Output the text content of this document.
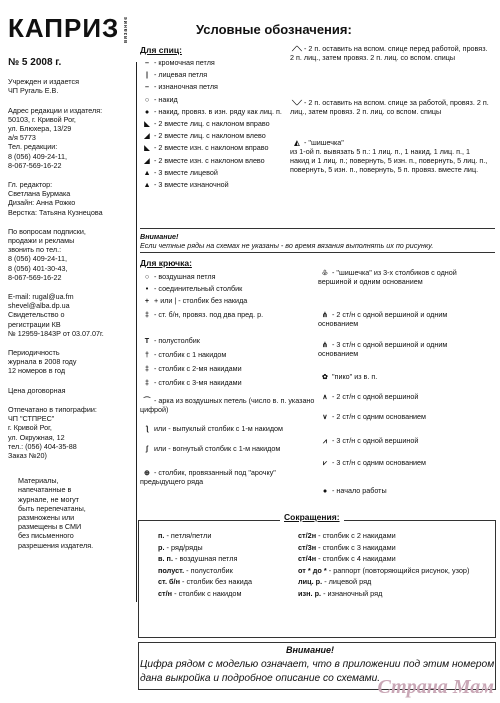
КАПРИЗ вязание
№ 5 2008 г.
Учрежден и издается
ЧП Ругаль Е.В.
Адрес редакции и издателя:
50103, г. Кривой Рог,
ул. Блюхера, 13/29
а/я 5773
Тел. редакции:
8 (056) 409-24-11,
8-067-569-16-22
Гл. редактор:
Светлана Бурмака
Дизайн: Анна Рожко
Верстка: Татьяна Кузнецова
По вопросам подписки,
продажи и рекламы
звонить по тел.:
8 (056) 409-24-11,
8 (056) 401-30-43,
8-067-569-16-22
E-mail: rugal@ua.fm
shevel@alba.dp.ua
Свидетельство о
регистрации КВ
№ 12959-1843Р от 03.07.07г.
Периодичность
журнала в 2008 году
12 номеров в год
Цена договорная
Отпечатано в типографии:
ЧП "СТПРЕС"
г. Кривой Рог,
ул. Окружная, 12
тел.: (056) 404-35-88
Заказ №20)
Материалы,
напечатанные в
журнале, не могут
быть перепечатаны,
размножены или
размещены в СМИ
без письменного
разрешения издателя.
Условные обозначения:
Для спиц:
– - кромочная петля
| - лицевая петля
– - изнаночная петля
○ - накид
● - накид, провяз. в изн. ряду как лиц. п.
◣ - 2 вместе лиц. с наклоном вправо
◢ - 2 вместе лиц. с наклоном влево
◣ - 2 вместе изн. с наклоном вправо
◢ - 2 вместе изн. с наклоном влево
▲ - 3 вместе лицевой
▲ - 3 вместе изнаночной
⟋⟍ - 2 п. оставить на вспом. спице перед работой, провяз. 2 п. лиц., затем провяз. 2 п. лиц. со вспом. спицы
⟍⟋ - 2 п. оставить на вспом. спице за работой, провяз. 2 п. лиц., затем провяз. 2 п. лиц. со вспом. спицы
◭ - "шишечка"
из 1-ой п. вывязать 5 п.: 1 лиц. п., 1 накид, 1 лиц. п., 1 накид и 1 лиц. п.; повернуть, 5 изн. п., повернуть, 5 лиц. п., повернуть, 5 изн. п., повернуть, 5 п. провяз. вместе лиц.
Внимание!
Если четные ряды на схемах не указаны - во время вязания выполнять их по рисунку.
Для крючка:
○ - воздушная петля
• - соединительный столбик
+ + или | - столбик без накида
‡ - ст. б/н, провяз. под два пред. р.
T - полустолбик
† - столбик с 1 накидом
‡ - столбик с 2-мя накидами
‡ - столбик с 3-мя накидами
⌒ - арка из воздушных петель (число в. п. указано цифрой)
ƪ или - выпуклый столбик с 1-м накидом
ʃ или - вогнутый столбик с 1-м накидом
⊕ - столбик, провязанный под "арочку" предыдущего ряда
♧ - "шишечка" из 3-х столбиков с одной вершиной и одним основанием
⋔ - 2 ст/н с одной вершиной и одним основанием
⋔ - 3 ст/н с одной вершиной и одним основанием
✿ "пико" из в. п.
∧ - 2 ст/н с одной вершиной
∨ - 2 ст/н с одним основанием
⩘ - 3 ст/н с одной вершиной
⩗ - 3 ст/н с одним основанием
● - начало работы
Сокращения:
п. - петля/петли
р. - ряд/ряды
в. п. - воздушная петля
полуст. - полустолбик
ст. б/н - столбик без накида
ст/н - столбик с накидом
ст/2н - столбик с 2 накидами
ст/3н - столбик с 3 накидами
ст/4н - столбик с 4 накидами
от * до * - раппорт (повторяющийся рисунок, узор)
лиц. р. - лицевой ряд
изн. р. - изнаночный ряд
Внимание!
Цифра рядом с моделью означает, что в приложении под этим номером дана выкройка и подробное описание со схемами.
Страна Мам
